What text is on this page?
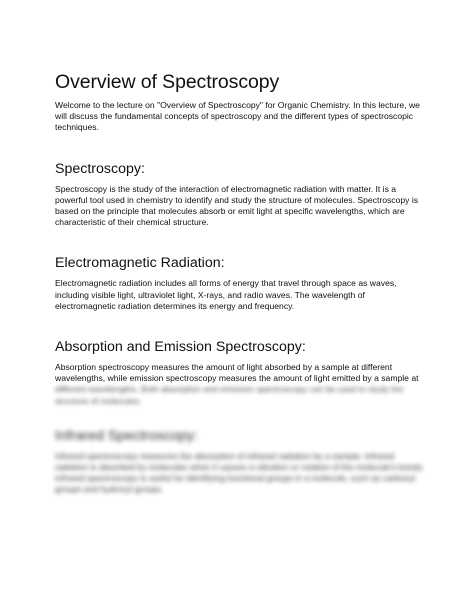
Overview of Spectroscopy

Welcome to the lecture on "Overview of Spectroscopy" for Organic Chemistry. In this lecture, we will discuss the fundamental concepts of spectroscopy and the different types of spectroscopic techniques.

Spectroscopy:

Spectroscopy is the study of the interaction of electromagnetic radiation with matter. It is a powerful tool used in chemistry to identify and study the structure of molecules. Spectroscopy is based on the principle that molecules absorb or emit light at specific wavelengths, which are characteristic of their chemical structure.

Electromagnetic Radiation:

Electromagnetic radiation includes all forms of energy that travel through space as waves, including visible light, ultraviolet light, X-rays, and radio waves. The wavelength of electromagnetic radiation determines its energy and frequency.

Absorption and Emission Spectroscopy:

Absorption spectroscopy measures the amount of light absorbed by a sample at different wavelengths, while emission spectroscopy measures the amount of light emitted by a sample at

different wavelengths. Both absorption and emission spectroscopy can be used to study the structure of molecules.

Infrared Spectroscopy:

Infrared spectroscopy measures the absorption of infrared radiation by a sample. Infrared radiation is absorbed by molecules when it causes a vibration or rotation of the molecule's bonds. Infrared spectroscopy is useful for identifying functional groups in a molecule, such as carbonyl groups and hydroxyl groups.
